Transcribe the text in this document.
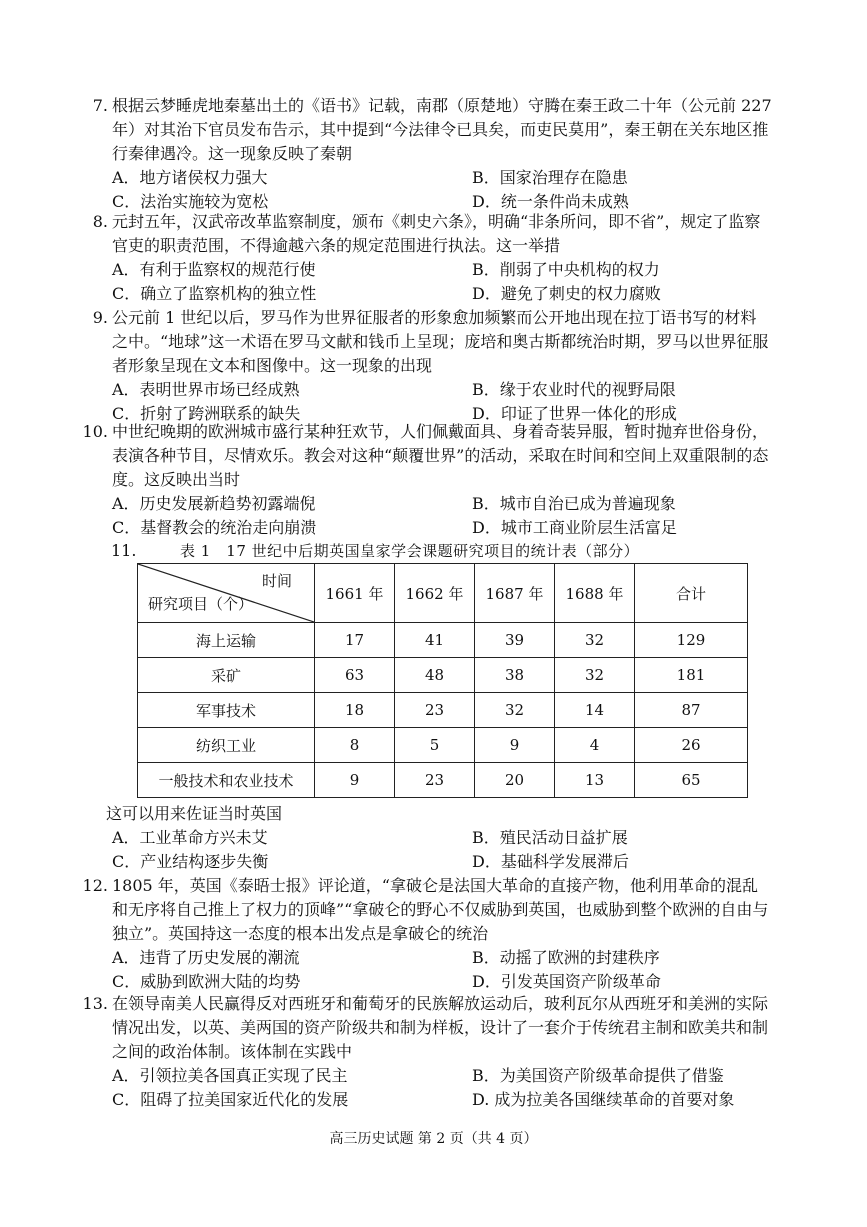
7. 根据云梦睡虎地秦墓出土的《语书》记载，南郡（原楚地）守腾在秦王政二十年（公元前 227 年）对其治下官员发布告示，其中提到“今法律令已具矣，而吏民莫用”，秦王朝在关东地区推行秦律遇冷。这一现象反映了秦朝

A．地方诸侯权力强大	B．国家治理存在隐患
C．法治实施较为宽松	D．统一条件尚未成熟
8. 元封五年，汉武帝改革监察制度，颁布《刺史六条》，明确“非条所问，即不省”，规定了监察官吏的职责范围，不得逾越六条的规定范围进行执法。这一举措

A．有利于监察权的规范行使	B．削弱了中央机构的权力
C．确立了监察机构的独立性	D．避免了刺史的权力腐败
9. 公元前 1 世纪以后，罗马作为世界征服者的形象愈加频繁而公开地出现在拉丁语书写的材料之中。“地球”这一术语在罗马文献和钱币上呈现；庞培和奥古斯都统治时期，罗马以世界征服者形象呈现在文本和图像中。这一现象的出现

A．表明世界市场已经成熟	B．缘于农业时代的视野局限
C．折射了跨洲联系的缺失	D．印证了世界一体化的形成
10. 中世纪晚期的欧洲城市盛行某种狂欢节，人们佩戴面具、身着奇装异服，暂时抛弃世俗身份，表演各种节目，尽情欢乐。教会对这种“颠覆世界”的活动，采取在时间和空间上双重限制的态度。这反映出当时

A．历史发展新趋势初露端倪	B．城市自治已成为普遍现象
C．基督教会的统治走向崩溃	D．城市工商业阶层生活富足
11.	表 1　17 世纪中后期英国皇家学会课题研究项目的统计表（部分）
时间
研究项目（个）	1661 年	1662 年	1687 年	1688 年	合计
海上运输	17	41	39	32	129
采矿	63	48	38	32	181
军事技术	18	23	32	14	87
纺织工业	8	5	9	4	26
一般技术和农业技术	9	23	20	13	65

这可以用来佐证当时英国

A．工业革命方兴未艾	B．殖民活动日益扩展
C．产业结构逐步失衡	D．基础科学发展滞后
12. 1805 年，英国《泰晤士报》评论道，“拿破仑是法国大革命的直接产物，他利用革命的混乱和无序将自己推上了权力的顶峰”“拿破仑的野心不仅威胁到英国，也威胁到整个欧洲的自由与独立”。英国持这一态度的根本出发点是拿破仑的统治

A．违背了历史发展的潮流	B．动摇了欧洲的封建秩序
C．威胁到欧洲大陆的均势	D．引发英国资产阶级革命
13. 在领导南美人民赢得反对西班牙和葡萄牙的民族解放运动后，玻利瓦尔从西班牙和美洲的实际情况出发，以英、美两国的资产阶级共和制为样板，设计了一套介于传统君主制和欧美共和制之间的政治体制。该体制在实践中

A．引领拉美各国真正实现了民主	B．为美国资产阶级革命提供了借鉴
C．阻碍了拉美国家近代化的发展	D. 成为拉美各国继续革命的首要对象
高三历史试题 第 2 页（共 4 页）
